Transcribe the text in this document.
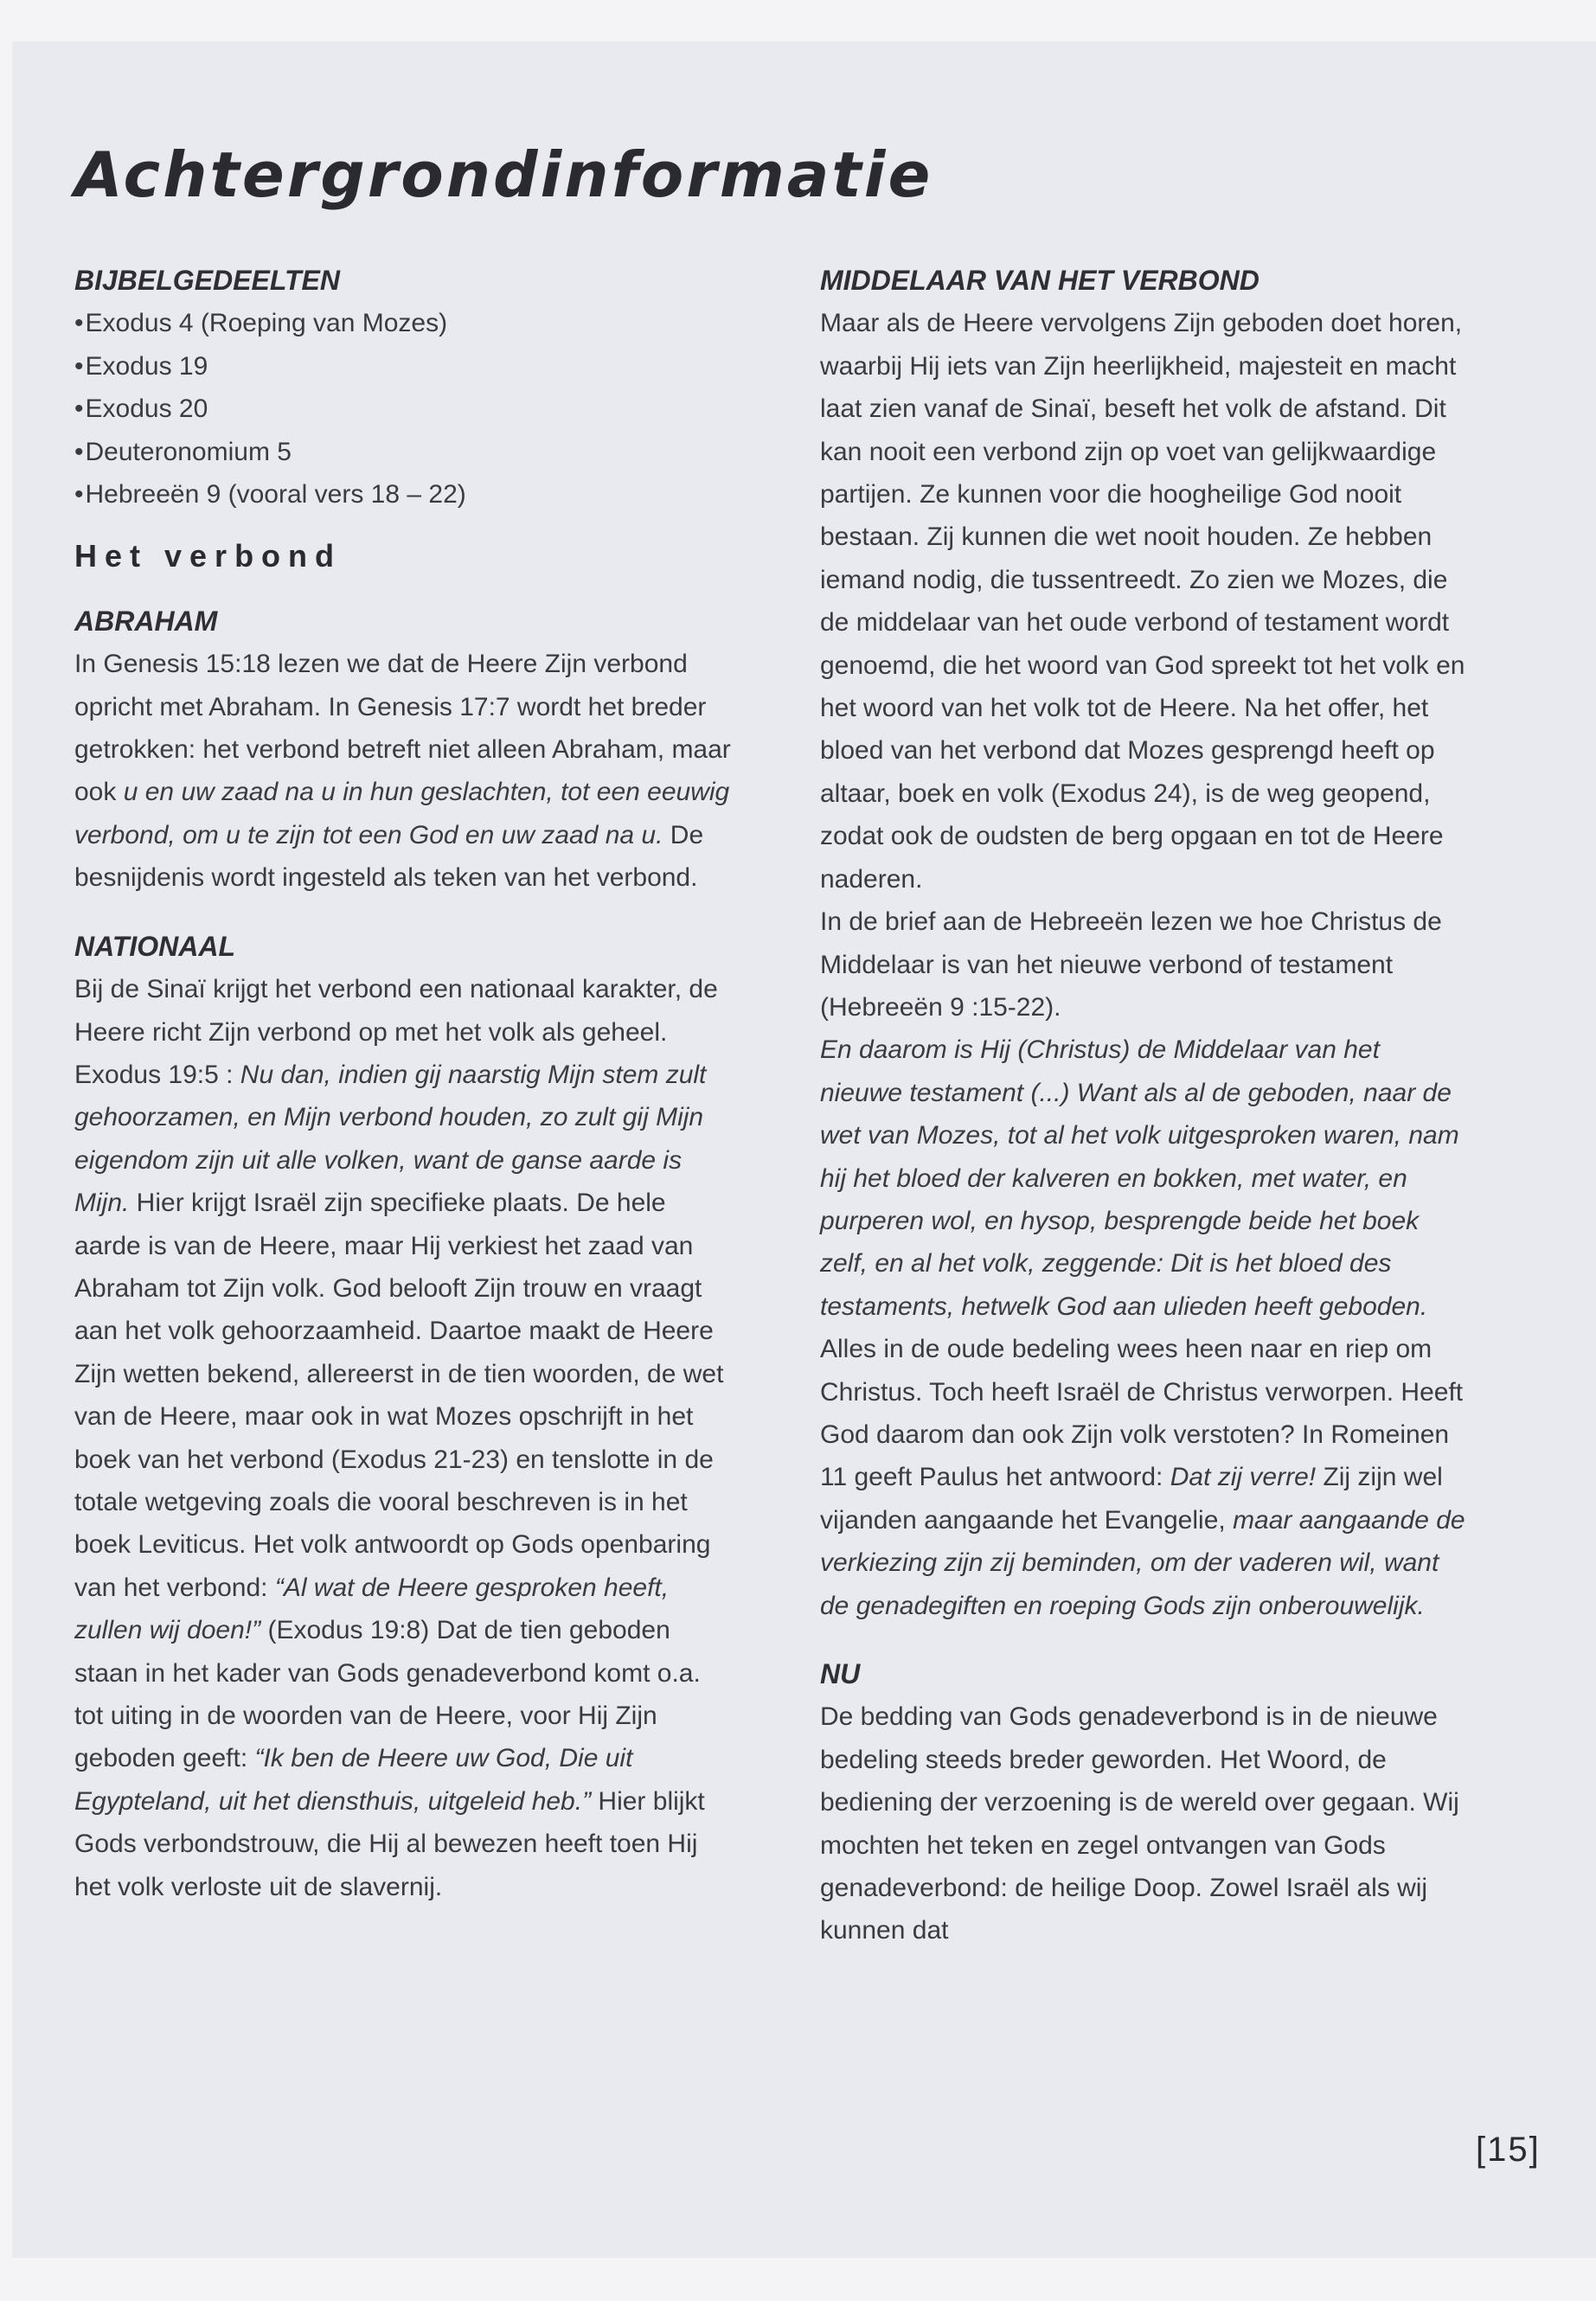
Achtergrondinformatie
BIJBELGEDEELTEN
• Exodus 4 (Roeping van Mozes)
• Exodus 19
• Exodus 20
• Deuteronomium 5
• Hebreeën 9 (vooral vers 18 – 22)
Het verbond
ABRAHAM

In Genesis 15:18 lezen we dat de Heere Zijn verbond opricht met Abraham. In Genesis 17:7 wordt het breder getrokken: het verbond betreft niet alleen Abraham, maar ook u en uw zaad na u in hun geslachten, tot een eeuwig verbond, om u te zijn tot een God en uw zaad na u. De besnijdenis wordt ingesteld als teken van het verbond.

NATIONAAL

Bij de Sinaï krijgt het verbond een nationaal karakter, de Heere richt Zijn verbond op met het volk als geheel. Exodus 19:5 : Nu dan, indien gij naarstig Mijn stem zult gehoorzamen, en Mijn verbond houden, zo zult gij Mijn eigendom zijn uit alle volken, want de ganse aarde is Mijn. Hier krijgt Israël zijn specifieke plaats. De hele aarde is van de Heere, maar Hij verkiest het zaad van Abraham tot Zijn volk. God belooft Zijn trouw en vraagt aan het volk gehoorzaamheid. Daartoe maakt de Heere Zijn wetten bekend, allereerst in de tien woorden, de wet van de Heere, maar ook in wat Mozes opschrijft in het boek van het verbond (Exodus 21-23) en tenslotte in de totale wetgeving zoals die vooral beschreven is in het boek Leviticus. Het volk antwoordt op Gods openbaring van het verbond: “Al wat de Heere gesproken heeft, zullen wij doen!” (Exodus 19:8) Dat de tien geboden staan in het kader van Gods genadeverbond komt o.a. tot uiting in de woorden van de Heere, voor Hij Zijn geboden geeft: “Ik ben de Heere uw God, Die uit Egypteland, uit het diensthuis, uitgeleid heb.” Hier blijkt Gods verbondstrouw, die Hij al bewezen heeft toen Hij het volk verloste uit de slavernij.

MIDDELAAR VAN HET VERBOND

Maar als de Heere vervolgens Zijn geboden doet horen, waarbij Hij iets van Zijn heerlijkheid, majesteit en macht laat zien vanaf de Sinaï, beseft het volk de afstand. Dit kan nooit een verbond zijn op voet van gelijkwaardige partijen. Ze kunnen voor die hoogheilige God nooit bestaan. Zij kunnen die wet nooit houden. Ze hebben iemand nodig, die tussentreedt. Zo zien we Mozes, die de middelaar van het oude verbond of testament wordt genoemd, die het woord van God spreekt tot het volk en het woord van het volk tot de Heere. Na het offer, het bloed van het verbond dat Mozes gesprengd heeft op altaar, boek en volk (Exodus 24), is de weg geopend, zodat ook de oudsten de berg opgaan en tot de Heere naderen.

In de brief aan de Hebreeën lezen we hoe Christus de Middelaar is van het nieuwe verbond of testament (Hebreeën 9 :15-22).

En daarom is Hij (Christus) de Middelaar van het nieuwe testament (...) Want als al de geboden, naar de wet van Mozes, tot al het volk uitgesproken waren, nam hij het bloed der kalveren en bokken, met water, en purperen wol, en hysop, besprengde beide het boek zelf, en al het volk, zeggende: Dit is het bloed des testaments, hetwelk God aan ulieden heeft geboden.

Alles in de oude bedeling wees heen naar en riep om Christus. Toch heeft Israël de Christus verworpen. Heeft God daarom dan ook Zijn volk verstoten? In Romeinen 11 geeft Paulus het antwoord: Dat zij verre! Zij zijn wel vijanden aangaande het Evangelie, maar aangaande de verkiezing zijn zij beminden, om der vaderen wil, want de genadegiften en roeping Gods zijn onberouwelijk.

NU

De bedding van Gods genadeverbond is in de nieuwe bedeling steeds breder geworden. Het Woord, de bediening der verzoening is de wereld over gegaan. Wij mochten het teken en zegel ontvangen van Gods genadeverbond: de heilige Doop. Zowel Israël als wij kunnen dat

[15]
